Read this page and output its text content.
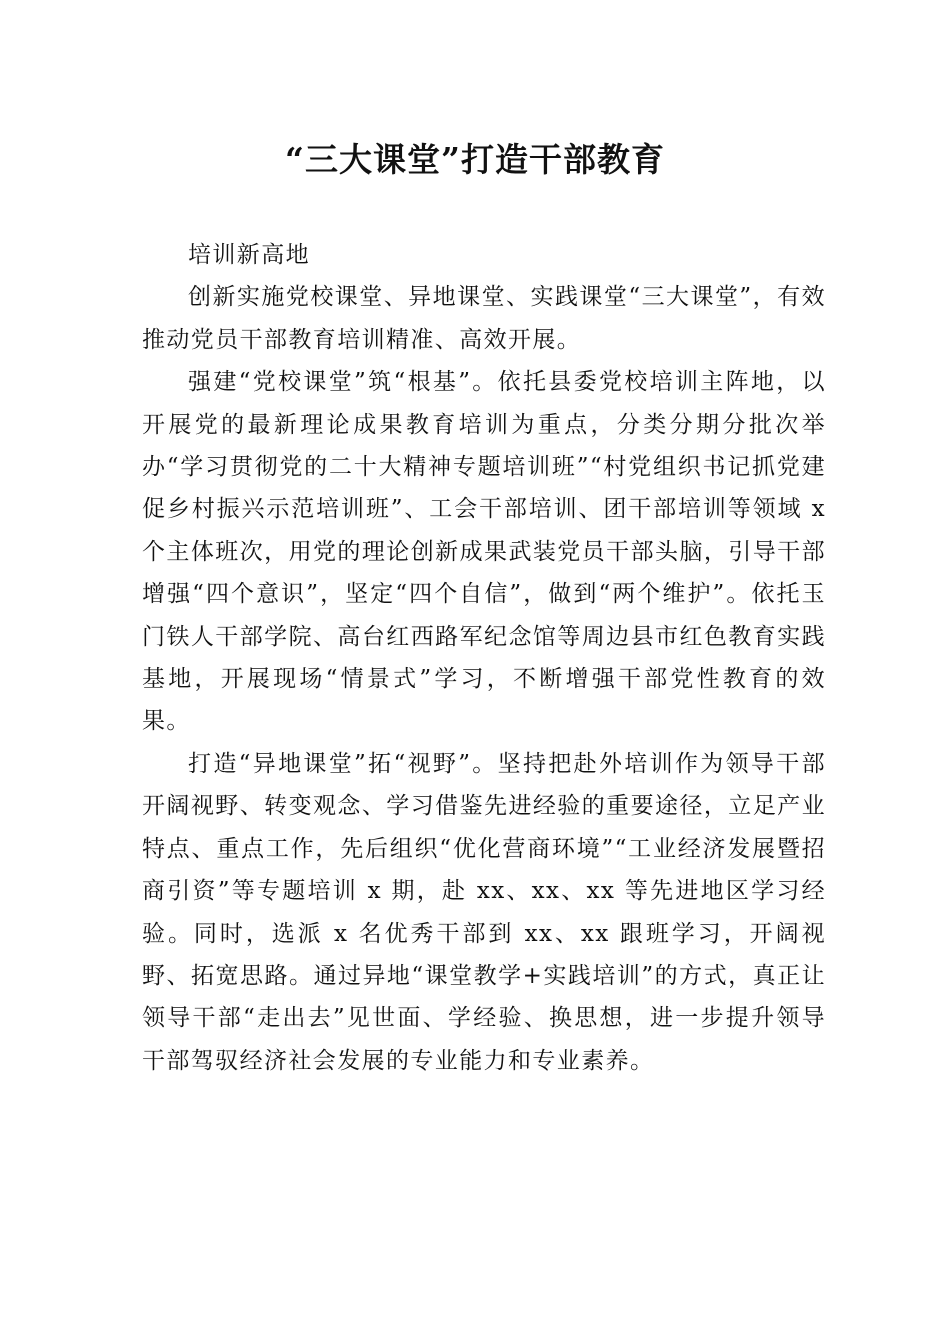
“三大课堂”打造干部教育

培训新高地

创新实施党校课堂、异地课堂、实践课堂“三大课堂”，有效推动党员干部教育培训精准、高效开展。

强建“党校课堂”筑“根基”。依托县委党校培训主阵地，以开展党的最新理论成果教育培训为重点，分类分期分批次举办“学习贯彻党的二十大精神专题培训班”“村党组织书记抓党建促乡村振兴示范培训班”、工会干部培训、团干部培训等领域 x 个主体班次，用党的理论创新成果武装党员干部头脑，引导干部增强“四个意识”，坚定“四个自信”，做到“两个维护”。依托玉门铁人干部学院、高台红西路军纪念馆等周边县市红色教育实践基地，开展现场“情景式”学习，不断增强干部党性教育的效果。

打造“异地课堂”拓“视野”。坚持把赴外培训作为领导干部开阔视野、转变观念、学习借鉴先进经验的重要途径，立足产业特点、重点工作，先后组织“优化营商环境”“工业经济发展暨招商引资”等专题培训 x 期，赴 xx、xx、xx 等先进地区学习经验。同时，选派 x 名优秀干部到 xx、xx 跟班学习，开阔视野、拓宽思路。通过异地“课堂教学+实践培训”的方式，真正让领导干部“走出去”见世面、学经验、换思想，进一步提升领导干部驾驭经济社会发展的专业能力和专业素养。
